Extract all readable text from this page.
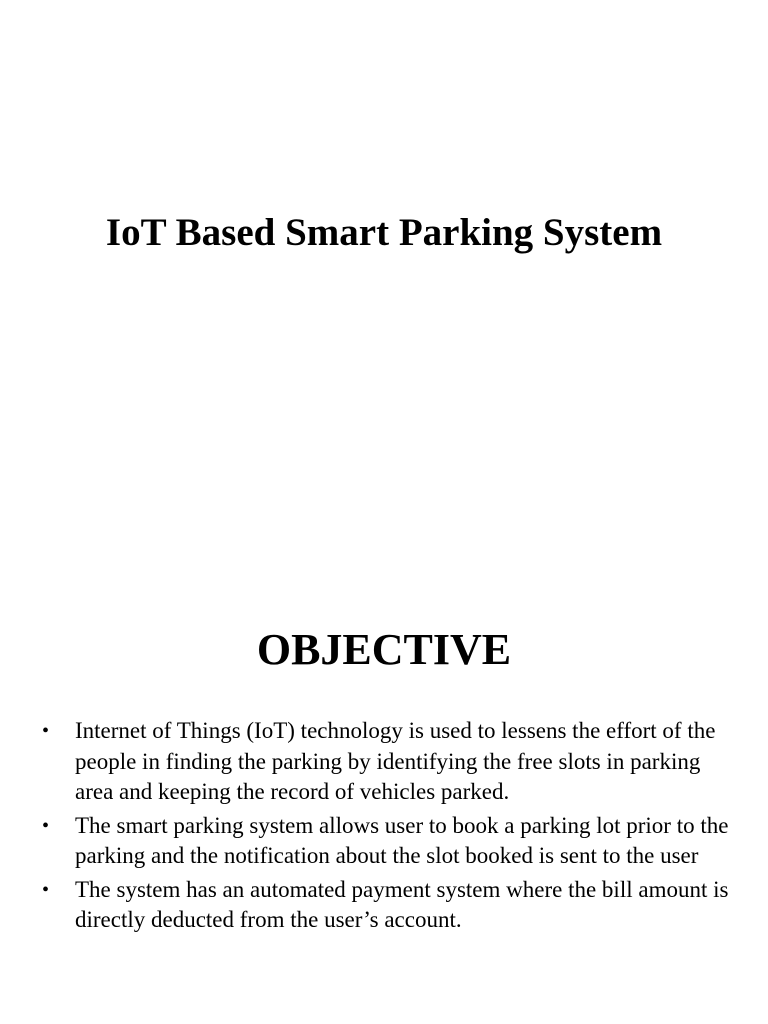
IoT Based Smart Parking System
OBJECTIVE
• Internet of Things (IoT) technology is used to lessens the effort of the people in finding the parking by identifying the free slots in parking area and keeping the record of vehicles parked.
• The smart parking system allows user to book a parking lot prior to the parking and the notification about the slot booked is sent to the user
• The system has an automated payment system where the bill amount is directly deducted from the user’s account.
